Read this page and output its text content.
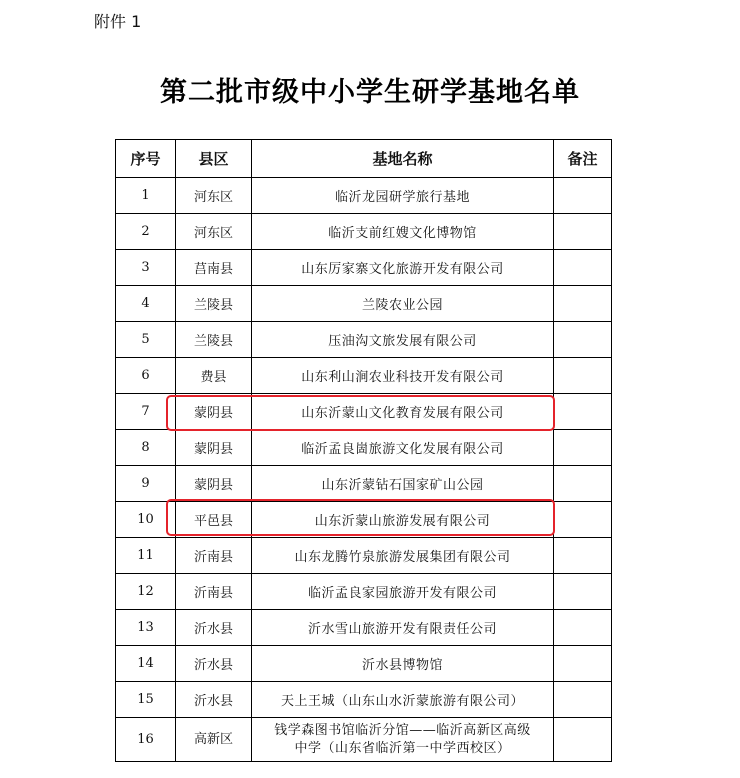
附件 1
第二批市级中小学生研学基地名单
序号	县区	基地名称	备注
1	河东区	临沂龙园研学旅行基地	
2	河东区	临沂支前红嫂文化博物馆	
3	莒南县	山东厉家寨文化旅游开发有限公司	
4	兰陵县	兰陵农业公园	
5	兰陵县	压油沟文旅发展有限公司	
6	费县	山东利山涧农业科技开发有限公司	
7	蒙阴县	山东沂蒙山文化教育发展有限公司	
8	蒙阴县	临沂孟良崮旅游文化发展有限公司	
9	蒙阴县	山东沂蒙钻石国家矿山公园	
10	平邑县	山东沂蒙山旅游发展有限公司	
11	沂南县	山东龙腾竹泉旅游发展集团有限公司	
12	沂南县	临沂孟良家园旅游开发有限公司	
13	沂水县	沂水雪山旅游开发有限责任公司	
14	沂水县	沂水县博物馆	
15	沂水县	天上王城（山东山水沂蒙旅游有限公司）	
16	高新区	钱学森图书馆临沂分馆——临沂高新区高级
中学（山东省临沂第一中学西校区）	
